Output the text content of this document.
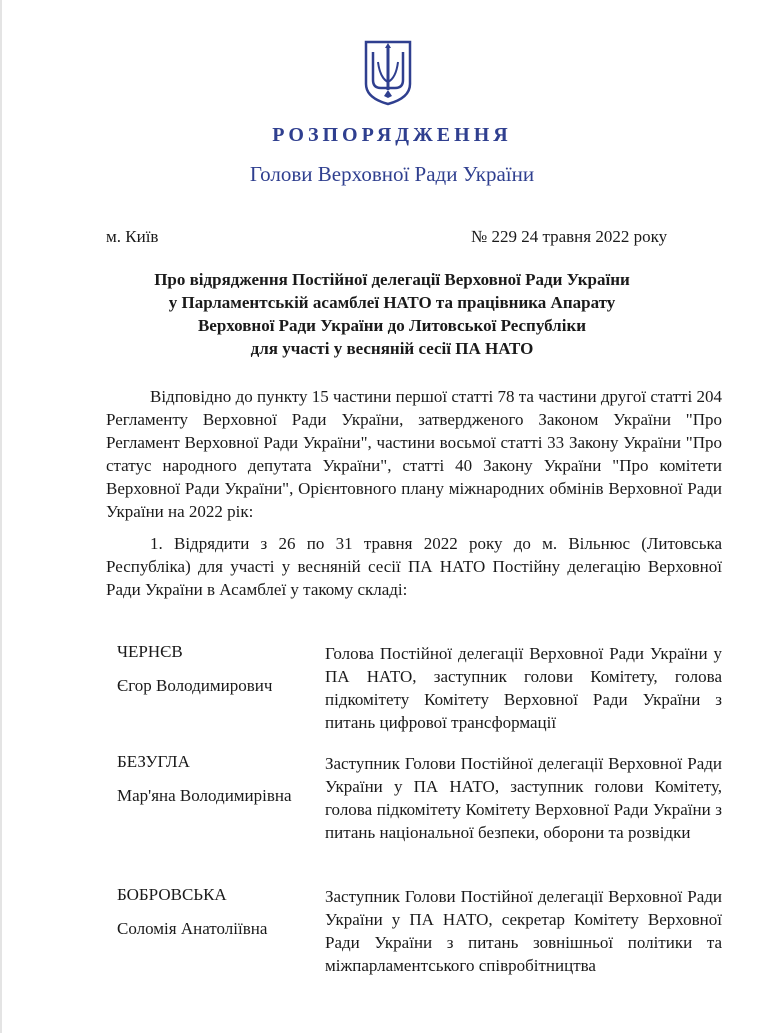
РОЗПОРЯДЖЕННЯ
Голови Верховної Ради України
м. Київ	№ 229 24 травня 2022 року
Про відрядження Постійної делегації Верховної Ради України
у Парламентській асамблеї НАТО та працівника Апарату
Верховної Ради України до Литовської Республіки
для участі у весняній сесії ПА НАТО
Відповідно до пункту 15 частини першої статті 78 та частини другої статті 204 Регламенту Верховної Ради України, затвердженого Законом України "Про Регламент Верховної Ради України", частини восьмої статті 33 Закону України "Про статус народного депутата України", статті 40 Закону України "Про комітети Верховної Ради України", Орієнтовного плану міжнародних обмінів Верховної Ради України на 2022 рік:
1. Відрядити з 26 по 31 травня 2022 року до м. Вільнюс (Литовська Республіка) для участі у весняній сесії ПА НАТО Постійну делегацію Верховної Ради України в Асамблеї у такому складі:
ЧЕРНЄВ
Єгор Володимирович
Голова Постійної делегації Верховної Ради України у ПА НАТО, заступник голови Комітету, голова підкомітету Комітету Верховної Ради України з питань цифрової трансформації
БЕЗУГЛА
Мар'яна Володимирівна
Заступник Голови Постійної делегації Верховної Ради України у ПА НАТО, заступник голови Комітету, голова підкомітету Комітету Верховної Ради України з питань національної безпеки, оборони та розвідки
БОБРОВСЬКА
Соломія Анатоліївна
Заступник Голови Постійної делегації Верховної Ради України у ПА НАТО, секретар Комітету Верховної Ради України з питань зовнішньої політики та міжпарламентського співробітництва
